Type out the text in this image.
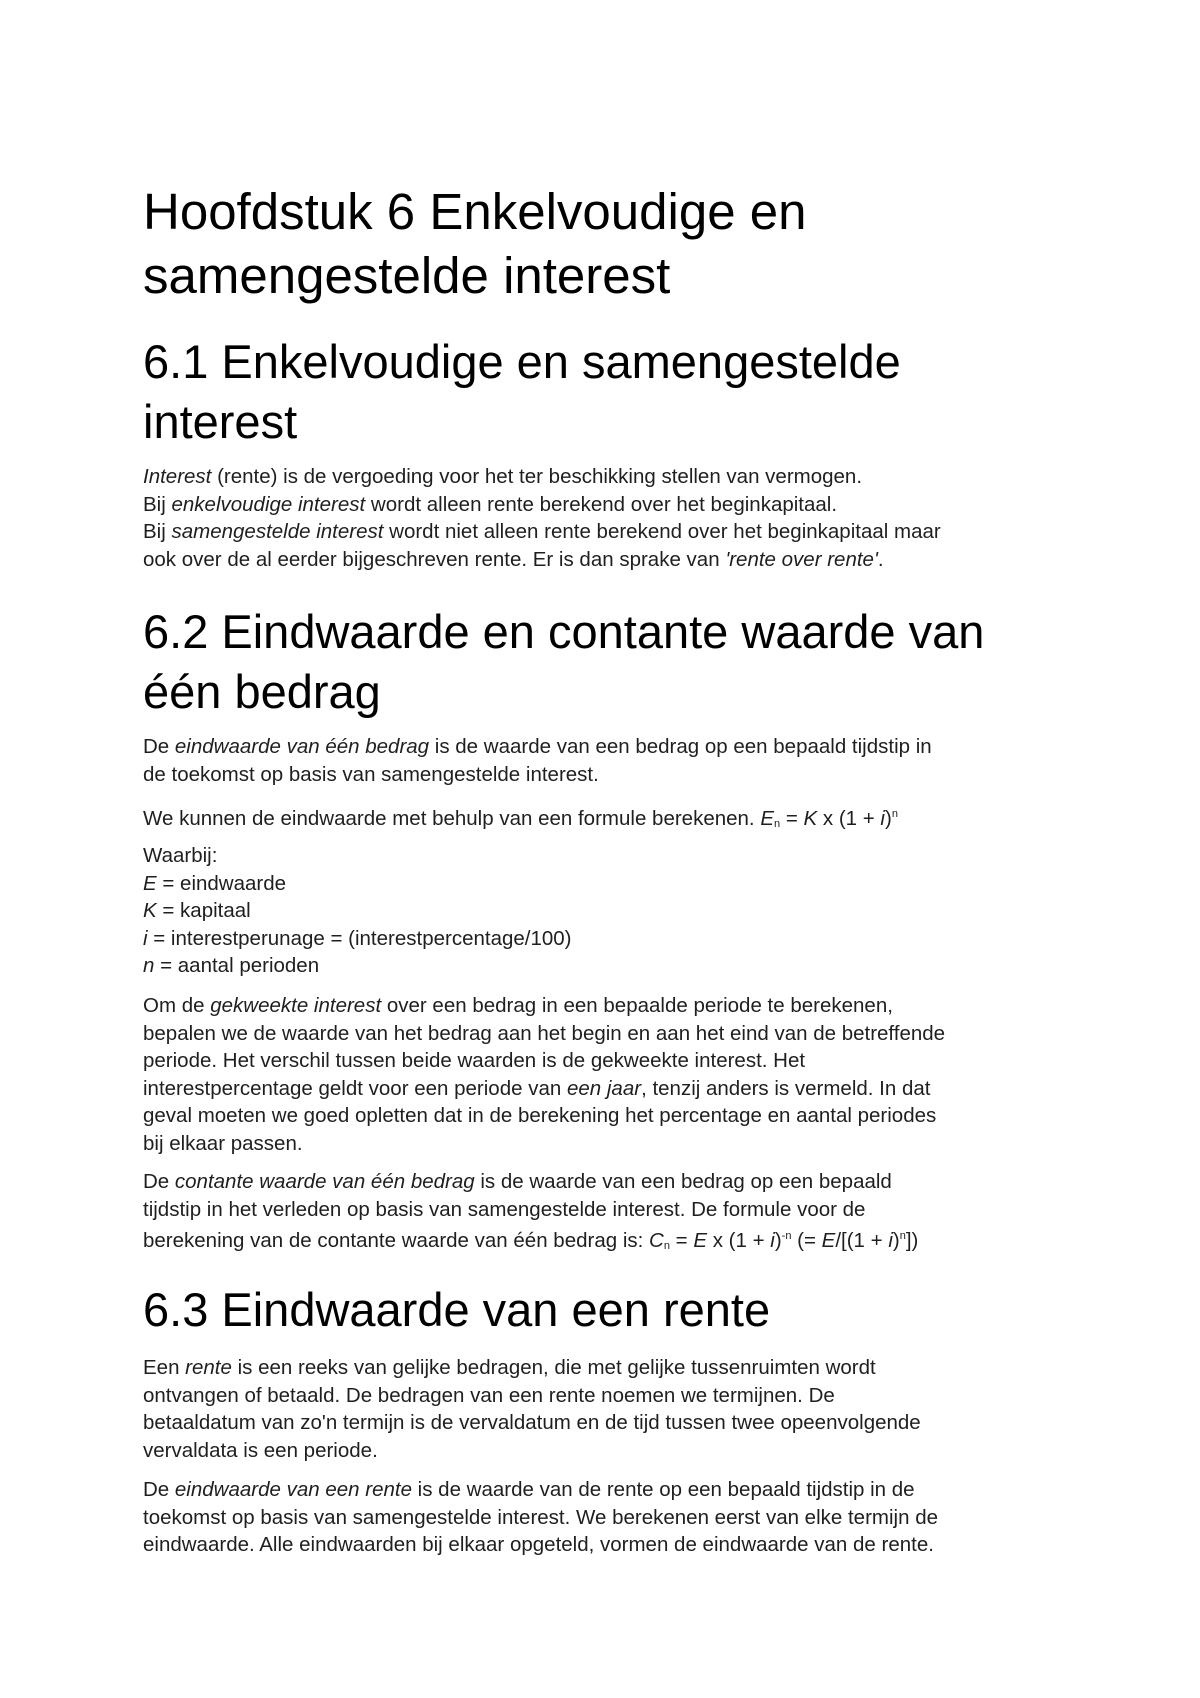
Hoofdstuk 6 Enkelvoudige en
samengestelde interest
6.1 Enkelvoudige en samengestelde
interest

Interest (rente) is de vergoeding voor het ter beschikking stellen van vermogen.
Bij enkelvoudige interest wordt alleen rente berekend over het beginkapitaal.
Bij samengestelde interest wordt niet alleen rente berekend over het beginkapitaal maar
ook over de al eerder bijgeschreven rente. Er is dan sprake van 'rente over rente'.

6.2 Eindwaarde en contante waarde van
één bedrag

De eindwaarde van één bedrag is de waarde van een bedrag op een bepaald tijdstip in
de toekomst op basis van samengestelde interest.

We kunnen de eindwaarde met behulp van een formule berekenen. $E_n = K$ x $(1 + i)^n$

Waarbij:
E = eindwaarde
K = kapitaal
i = interestperunage = (interestpercentage/100)
n = aantal perioden

Om de gekweekte interest over een bedrag in een bepaalde periode te berekenen,
bepalen we de waarde van het bedrag aan het begin en aan het eind van de betreffende
periode. Het verschil tussen beide waarden is de gekweekte interest. Het
interestpercentage geldt voor een periode van een jaar, tenzij anders is vermeld. In dat
geval moeten we goed opletten dat in de berekening het percentage en aantal periodes
bij elkaar passen.

De contante waarde van één bedrag is de waarde van een bedrag op een bepaald
tijdstip in het verleden op basis van samengestelde interest. De formule voor de
berekening van de contante waarde van één bedrag is: $C_n = E$ x $(1 + i)^{-n}$ (= $E/[(1 + i)^n]$)

6.3 Eindwaarde van een rente

Een rente is een reeks van gelijke bedragen, die met gelijke tussenruimten wordt
ontvangen of betaald. De bedragen van een rente noemen we termijnen. De
betaaldatum van zo'n termijn is de vervaldatum en de tijd tussen twee opeenvolgende
vervaldata is een periode.

De eindwaarde van een rente is de waarde van de rente op een bepaald tijdstip in de
toekomst op basis van samengestelde interest. We berekenen eerst van elke termijn de
eindwaarde. Alle eindwaarden bij elkaar opgeteld, vormen de eindwaarde van de rente.
